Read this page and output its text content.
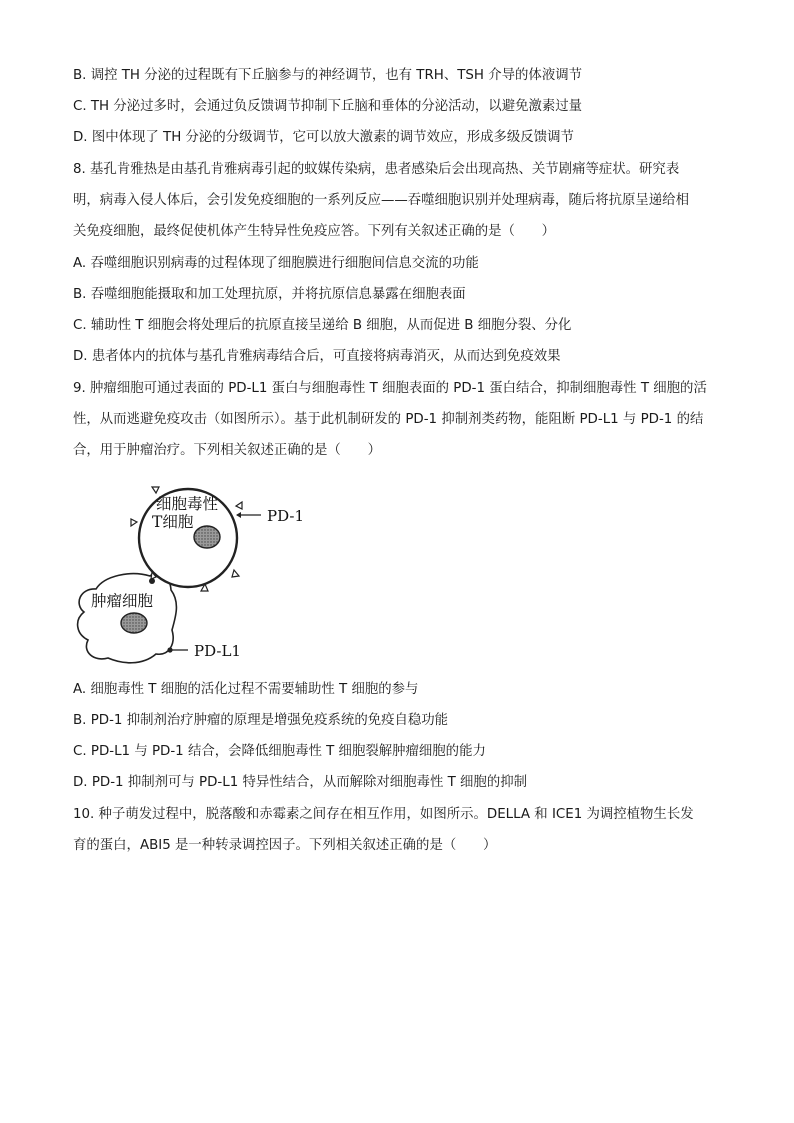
B. 调控 TH 分泌的过程既有下丘脑参与的神经调节，也有 TRH、TSH 介导的体液调节
C. TH 分泌过多时，会通过负反馈调节抑制下丘脑和垂体的分泌活动，以避免激素过量
D. 图中体现了 TH 分泌的分级调节，它可以放大激素的调节效应，形成多级反馈调节
8. 基孔肯雅热是由基孔肯雅病毒引起的蚊媒传染病，患者感染后会出现高热、关节剧痛等症状。研究表
明，病毒入侵人体后，会引发免疫细胞的一系列反应——吞噬细胞识别并处理病毒，随后将抗原呈递给相
关免疫细胞，最终促使机体产生特异性免疫应答。下列有关叙述正确的是（　　）
A. 吞噬细胞识别病毒的过程体现了细胞膜进行细胞间信息交流的功能
B. 吞噬细胞能摄取和加工处理抗原，并将抗原信息暴露在细胞表面
C. 辅助性 T 细胞会将处理后的抗原直接呈递给 B 细胞，从而促进 B 细胞分裂、分化
D. 患者体内的抗体与基孔肯雅病毒结合后，可直接将病毒消灭，从而达到免疫效果
9. 肿瘤细胞可通过表面的 PD-L1 蛋白与细胞毒性 T 细胞表面的 PD-1 蛋白结合，抑制细胞毒性 T 细胞的活
性，从而逃避免疫攻击（如图所示）。基于此机制研发的 PD-1 抑制剂类药物，能阻断 PD-L1 与 PD-1 的结
合，用于肿瘤治疗。下列相关叙述正确的是（　　）
细胞毒性
T细胞
肿瘤细胞
PD-1
PD-L1
A. 细胞毒性 T 细胞的活化过程不需要辅助性 T 细胞的参与
B. PD-1 抑制剂治疗肿瘤的原理是增强免疫系统的免疫自稳功能
C. PD-L1 与 PD-1 结合，会降低细胞毒性 T 细胞裂解肿瘤细胞的能力
D. PD-1 抑制剂可与 PD-L1 特异性结合，从而解除对细胞毒性 T 细胞的抑制
10. 种子萌发过程中，脱落酸和赤霉素之间存在相互作用，如图所示。DELLA 和 ICE1 为调控植物生长发
育的蛋白，ABI5 是一种转录调控因子。下列相关叙述正确的是（　　）
